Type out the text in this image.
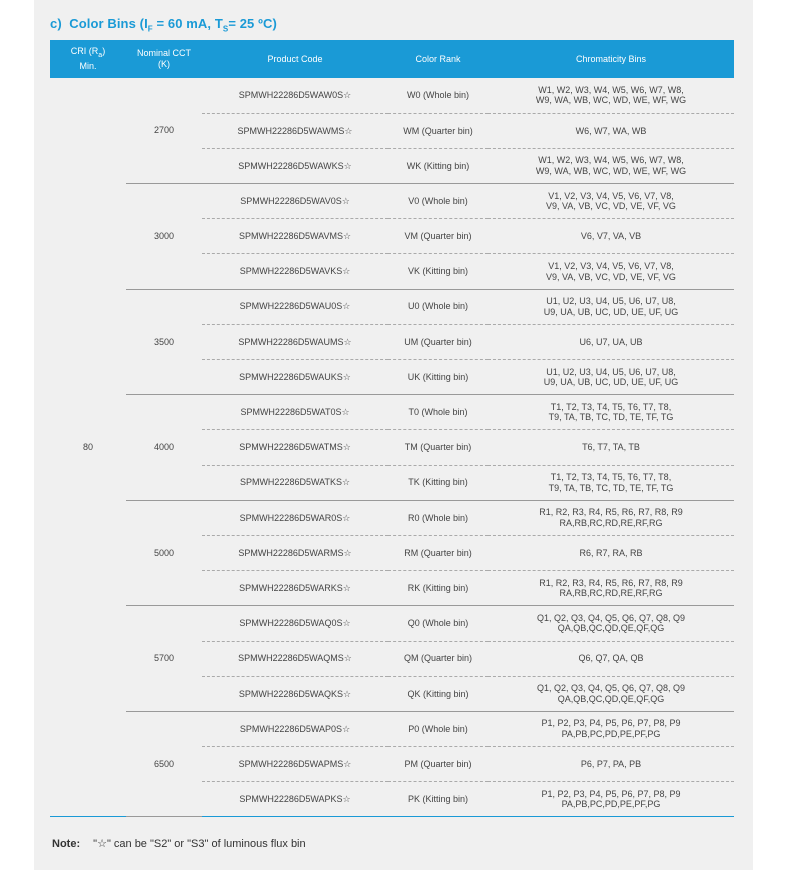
c) Color Bins ($I_F = 60$ mA, $T_S= 25$ ºC)
CRI $(R_a)$
Min.	Nominal CCT
(K)	Product Code	Color Rank	Chromaticity Bins
80	2700	SPMWH22286D5WAW0S☆	W0 (Whole bin)	W1, W2, W3, W4, W5, W6, W7, W8,
W9, WA, WB, WC, WD, WE, WF, WG

		SPMWH22286D5WAWMS☆	WM (Quarter bin)	W6, W7, WA, WB

		SPMWH22286D5WAWKS☆	WK (Kitting bin)	W1, W2, W3, W4, W5, W6, W7, W8,
W9, WA, WB, WC, WD, WE, WF, WG

	3000	SPMWH22286D5WAV0S☆	V0 (Whole bin)	V1, V2, V3, V4, V5, V6, V7, V8,
V9, VA, VB, VC, VD, VE, VF, VG

		SPMWH22286D5WAVMS☆	VM (Quarter bin)	V6, V7, VA, VB

		SPMWH22286D5WAVKS☆	VK (Kitting bin)	V1, V2, V3, V4, V5, V6, V7, V8,
V9, VA, VB, VC, VD, VE, VF, VG

	3500	SPMWH22286D5WAU0S☆	U0 (Whole bin)	U1, U2, U3, U4, U5, U6, U7, U8,
U9, UA, UB, UC, UD, UE, UF, UG

		SPMWH22286D5WAUMS☆	UM (Quarter bin)	U6, U7, UA, UB

		SPMWH22286D5WAUKS☆	UK (Kitting bin)	U1, U2, U3, U4, U5, U6, U7, U8,
U9, UA, UB, UC, UD, UE, UF, UG

	4000	SPMWH22286D5WAT0S☆	T0 (Whole bin)	T1, T2, T3, T4, T5, T6, T7, T8,
T9, TA, TB, TC, TD, TE, TF, TG

		SPMWH22286D5WATMS☆	TM (Quarter bin)	T6, T7, TA, TB

		SPMWH22286D5WATKS☆	TK (Kitting bin)	T1, T2, T3, T4, T5, T6, T7, T8,
T9, TA, TB, TC, TD, TE, TF, TG

	5000	SPMWH22286D5WAR0S☆	R0 (Whole bin)	R1, R2, R3, R4, R5, R6, R7, R8, R9
RA,RB,RC,RD,RE,RF,RG

		SPMWH22286D5WARMS☆	RM (Quarter bin)	R6, R7, RA, RB

		SPMWH22286D5WARKS☆	RK (Kitting bin)	R1, R2, R3, R4, R5, R6, R7, R8, R9
RA,RB,RC,RD,RE,RF,RG

	5700	SPMWH22286D5WAQ0S☆	Q0 (Whole bin)	Q1, Q2, Q3, Q4, Q5, Q6, Q7, Q8, Q9
QA,QB,QC,QD,QE,QF,QG

		SPMWH22286D5WAQMS☆	QM (Quarter bin)	Q6, Q7, QA, QB

		SPMWH22286D5WAQKS☆	QK (Kitting bin)	Q1, Q2, Q3, Q4, Q5, Q6, Q7, Q8, Q9
QA,QB,QC,QD,QE,QF,QG

	6500	SPMWH22286D5WAP0S☆	P0 (Whole bin)	P1, P2, P3, P4, P5, P6, P7, P8, P9
PA,PB,PC,PD,PE,PF,PG

		SPMWH22286D5WAPMS☆	PM (Quarter bin)	P6, P7, PA, PB

		SPMWH22286D5WAPKS☆	PK (Kitting bin)	P1, P2, P3, P4, P5, P6, P7, P8, P9
PA,PB,PC,PD,PE,PF,PG
Note: "☆" can be "S2" or "S3" of luminous flux bin
